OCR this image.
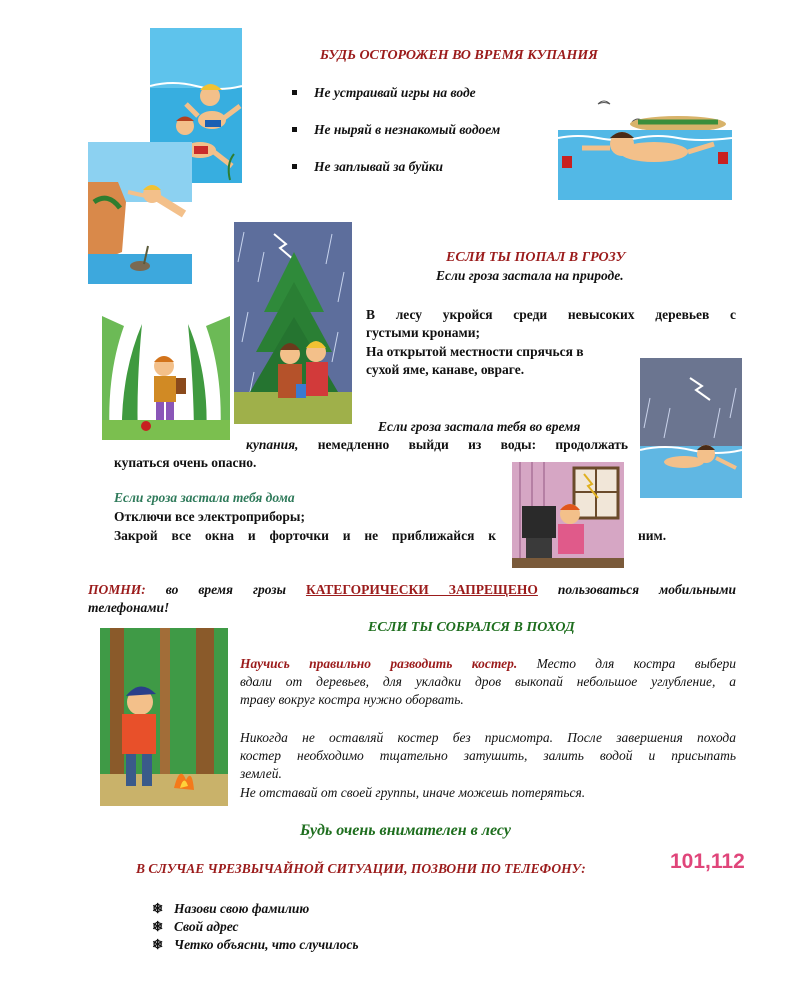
БУДЬ ОСТОРОЖЕН ВО ВРЕМЯ КУПАНИЯ
Не устраивай игры на воде
Не ныряй в незнакомый водоем
Не заплывай за буйки
ЕСЛИ ТЫ ПОПАЛ В ГРОЗУ
Если гроза застала на природе.
В лесу укройся среди невысоких деревьев с
густыми кронами;
На открытой местности спрячься в
сухой яме, канаве, овраге.
Если гроза застала тебя во время
купания, немедленно выйди из воды: продолжать
купаться очень опасно.
Если гроза застала тебя дома
Отключи все электроприборы;
Закрой все окна и форточки и не приближайся к	ним.
ПОМНИ: во время грозы КАТЕГОРИЧЕСКИ ЗАПРЕЩЕНО пользоваться мобильными
телефонами!
ЕСЛИ ТЫ СОБРАЛСЯ В ПОХОД
Научись правильно разводить костер. Место для костра выбери
вдали от деревьев, для укладки дров выкопай небольшое углубление, а
траву вокруг костра нужно оборвать.
Никогда не оставляй костер без присмотра. После завершения похода
костер необходимо тщательно затушить, залить водой и присыпать
землей.
Не отставай от своей группы, иначе можешь потеряться.
Будь очень внимателен в лесу
В СЛУЧАЕ ЧРЕЗВЫЧАЙНОЙ СИТУАЦИИ, ПОЗВОНИ ПО ТЕЛЕФОНУ:	101,112
❄ Назови свою фамилию
❄ Свой адрес
❄ Четко объясни, что случилось
